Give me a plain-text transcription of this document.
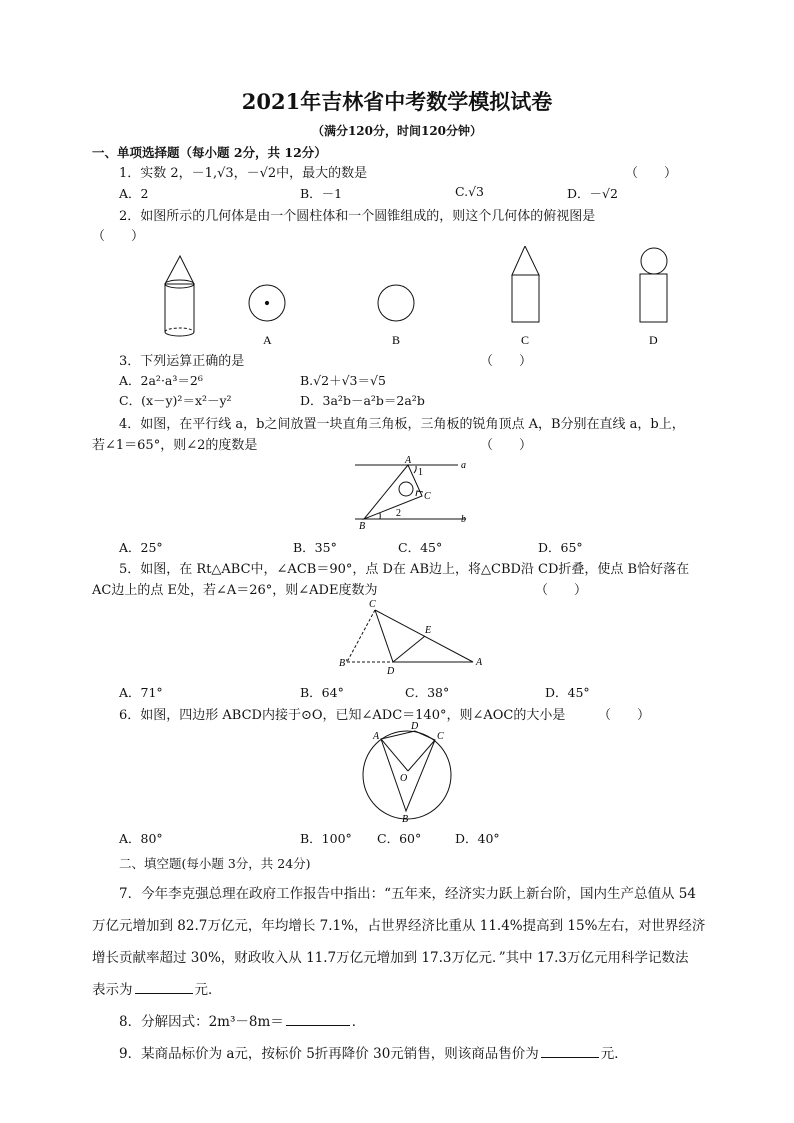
2021年吉林省中考数学模拟试卷
（满分120分，时间120分钟）
一、单项选择题（每小题 2分，共 12分）
1．实数 2，－1,√3，－√2中，最大的数是	（　　）
A．2	B．－1	C.√3	D．－√2
2．如图所示的几何体是由一个圆柱体和一个圆锥组成的，则这个几何体的俯视图是
（　　）
A	B	C	D
3．下列运算正确的是	（　　）
A．2a²·a³＝2⁶	B.√2＋√3＝√5
C．(x－y)²＝x²－y²	D．3a²b－a²b＝2a²b
4．如图，在平行线 a，b之间放置一块直角三角板，三角板的锐角顶点 A，B分别在直线 a，b上，
若∠1＝65°，则∠2的度数是	（　　）
A
1
a
C
2
B
b
A．25°	B．35°	C．45°	D．65°
5．如图，在 Rt△ABC中，∠ACB＝90°，点 D在 AB边上，将△CBD沿 CD折叠，使点 B恰好落在
AC边上的点 E处，若∠A＝26°，则∠ADE度数为	（　　）
C
E
B'
D
A
A．71°	B．64°	C．38°	D．45°
6．如图，四边形 ABCD内接于⊙O，已知∠ADC＝140°，则∠AOC的大小是	（　　）
D
A	C
O
B
A．80°	B．100° C．60°	D．40°
二、填空题(每小题 3分，共 24分)
7．今年李克强总理在政府工作报告中指出：“五年来，经济实力跃上新台阶，国内生产总值从 54
万亿元增加到 82.7万亿元，年均增长 7.1%，占世界经济比重从 11.4%提高到 15%左右，对世界经济
增长贡献率超过 30%，财政收入从 11.7万亿元增加到 17.3万亿元．”其中 17.3万亿元用科学记数法
表示为	元．
8．分解因式：2m³－8m＝	．
9．某商品标价为 a元，按标价 5折再降价 30元销售，则该商品售价为	元．
